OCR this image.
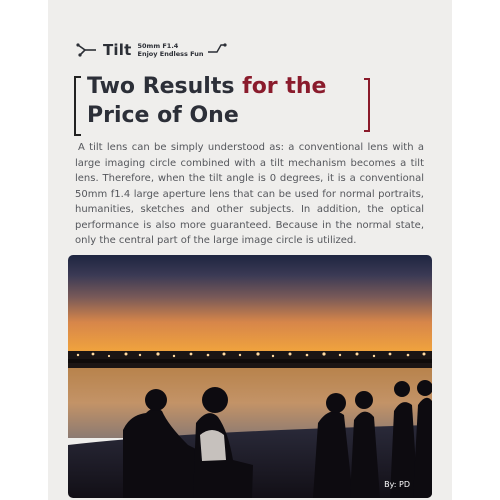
Tilt 50mm F1.4
Enjoy Endless Fun
Two Results for the
Price of One

A tilt lens can be simply understood as: a conventional lens with a large imaging circle combined with a tilt mechanism becomes a tilt lens. Therefore, when the tilt angle is 0 degrees, it is a conventional 50mm f1.4 large aperture lens that can be used for normal portraits, humanities, sketches and other subjects. In addition, the optical performance is also more guaranteed. Because in the normal state, only the central part of the large image circle is utilized.

By: PD
